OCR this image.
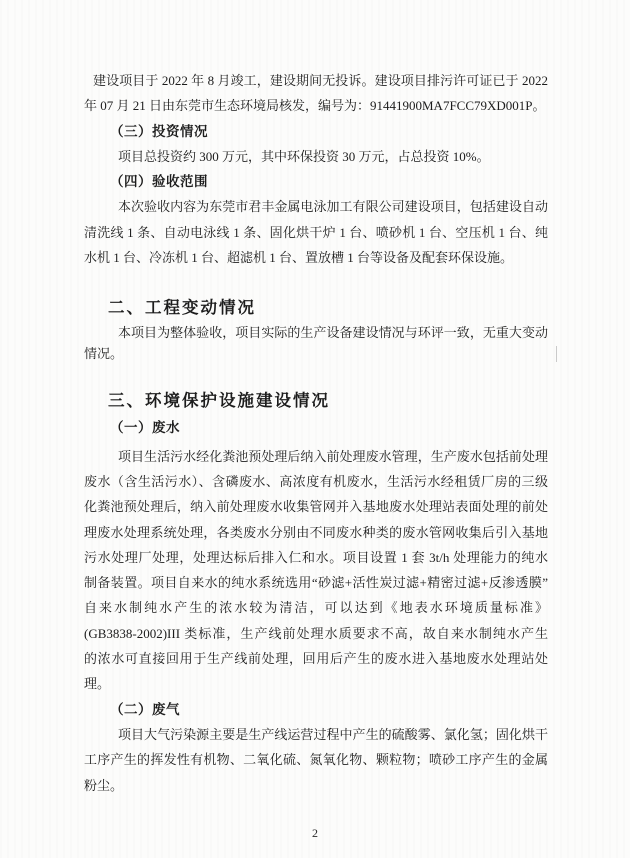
建设项目于 2022 年 8 月竣工，建设期间无投诉。建设项目排污许可证已于 2022
年 07 月 21 日由东莞市生态环境局核发，编号为：91441900MA7FCC79XD001P。
（三）投资情况
项目总投资约 300 万元，其中环保投资 30 万元，占总投资 10%。
（四）验收范围
本次验收内容为东莞市君丰金属电泳加工有限公司建设项目，包括建设自动
清洗线 1 条、自动电泳线 1 条、固化烘干炉 1 台、喷砂机 1 台、空压机 1 台、纯
水机 1 台、冷冻机 1 台、超滤机 1 台、置放槽 1 台等设备及配套环保设施。
二、工程变动情况
本项目为整体验收，项目实际的生产设备建设情况与环评一致，无重大变动
情况。
三、环境保护设施建设情况
（一）废水
项目生活污水经化粪池预处理后纳入前处理废水管理，生产废水包括前处理
废水（含生活污水）、含磷废水、高浓度有机废水，生活污水经租赁厂房的三级
化粪池预处理后，纳入前处理废水收集管网并入基地废水处理站表面处理的前处
理废水处理系统处理，各类废水分别由不同废水种类的废水管网收集后引入基地
污水处理厂处理，处理达标后排入仁和水。项目设置 1 套 3t/h 处理能力的纯水
制备装置。项目自来水的纯水系统选用“砂滤+活性炭过滤+精密过滤+反渗透膜”
自来水制纯水产生的浓水较为清洁，可以达到《地表水环境质量标准》
(GB3838-2002)III 类标准，生产线前处理水质要求不高，故自来水制纯水产生
的浓水可直接回用于生产线前处理，回用后产生的废水进入基地废水处理站处
理。
（二）废气
项目大气污染源主要是生产线运营过程中产生的硫酸雾、氯化氢；固化烘干
工序产生的挥发性有机物、二氧化硫、氮氧化物、颗粒物；喷砂工序产生的金属
粉尘。
2
